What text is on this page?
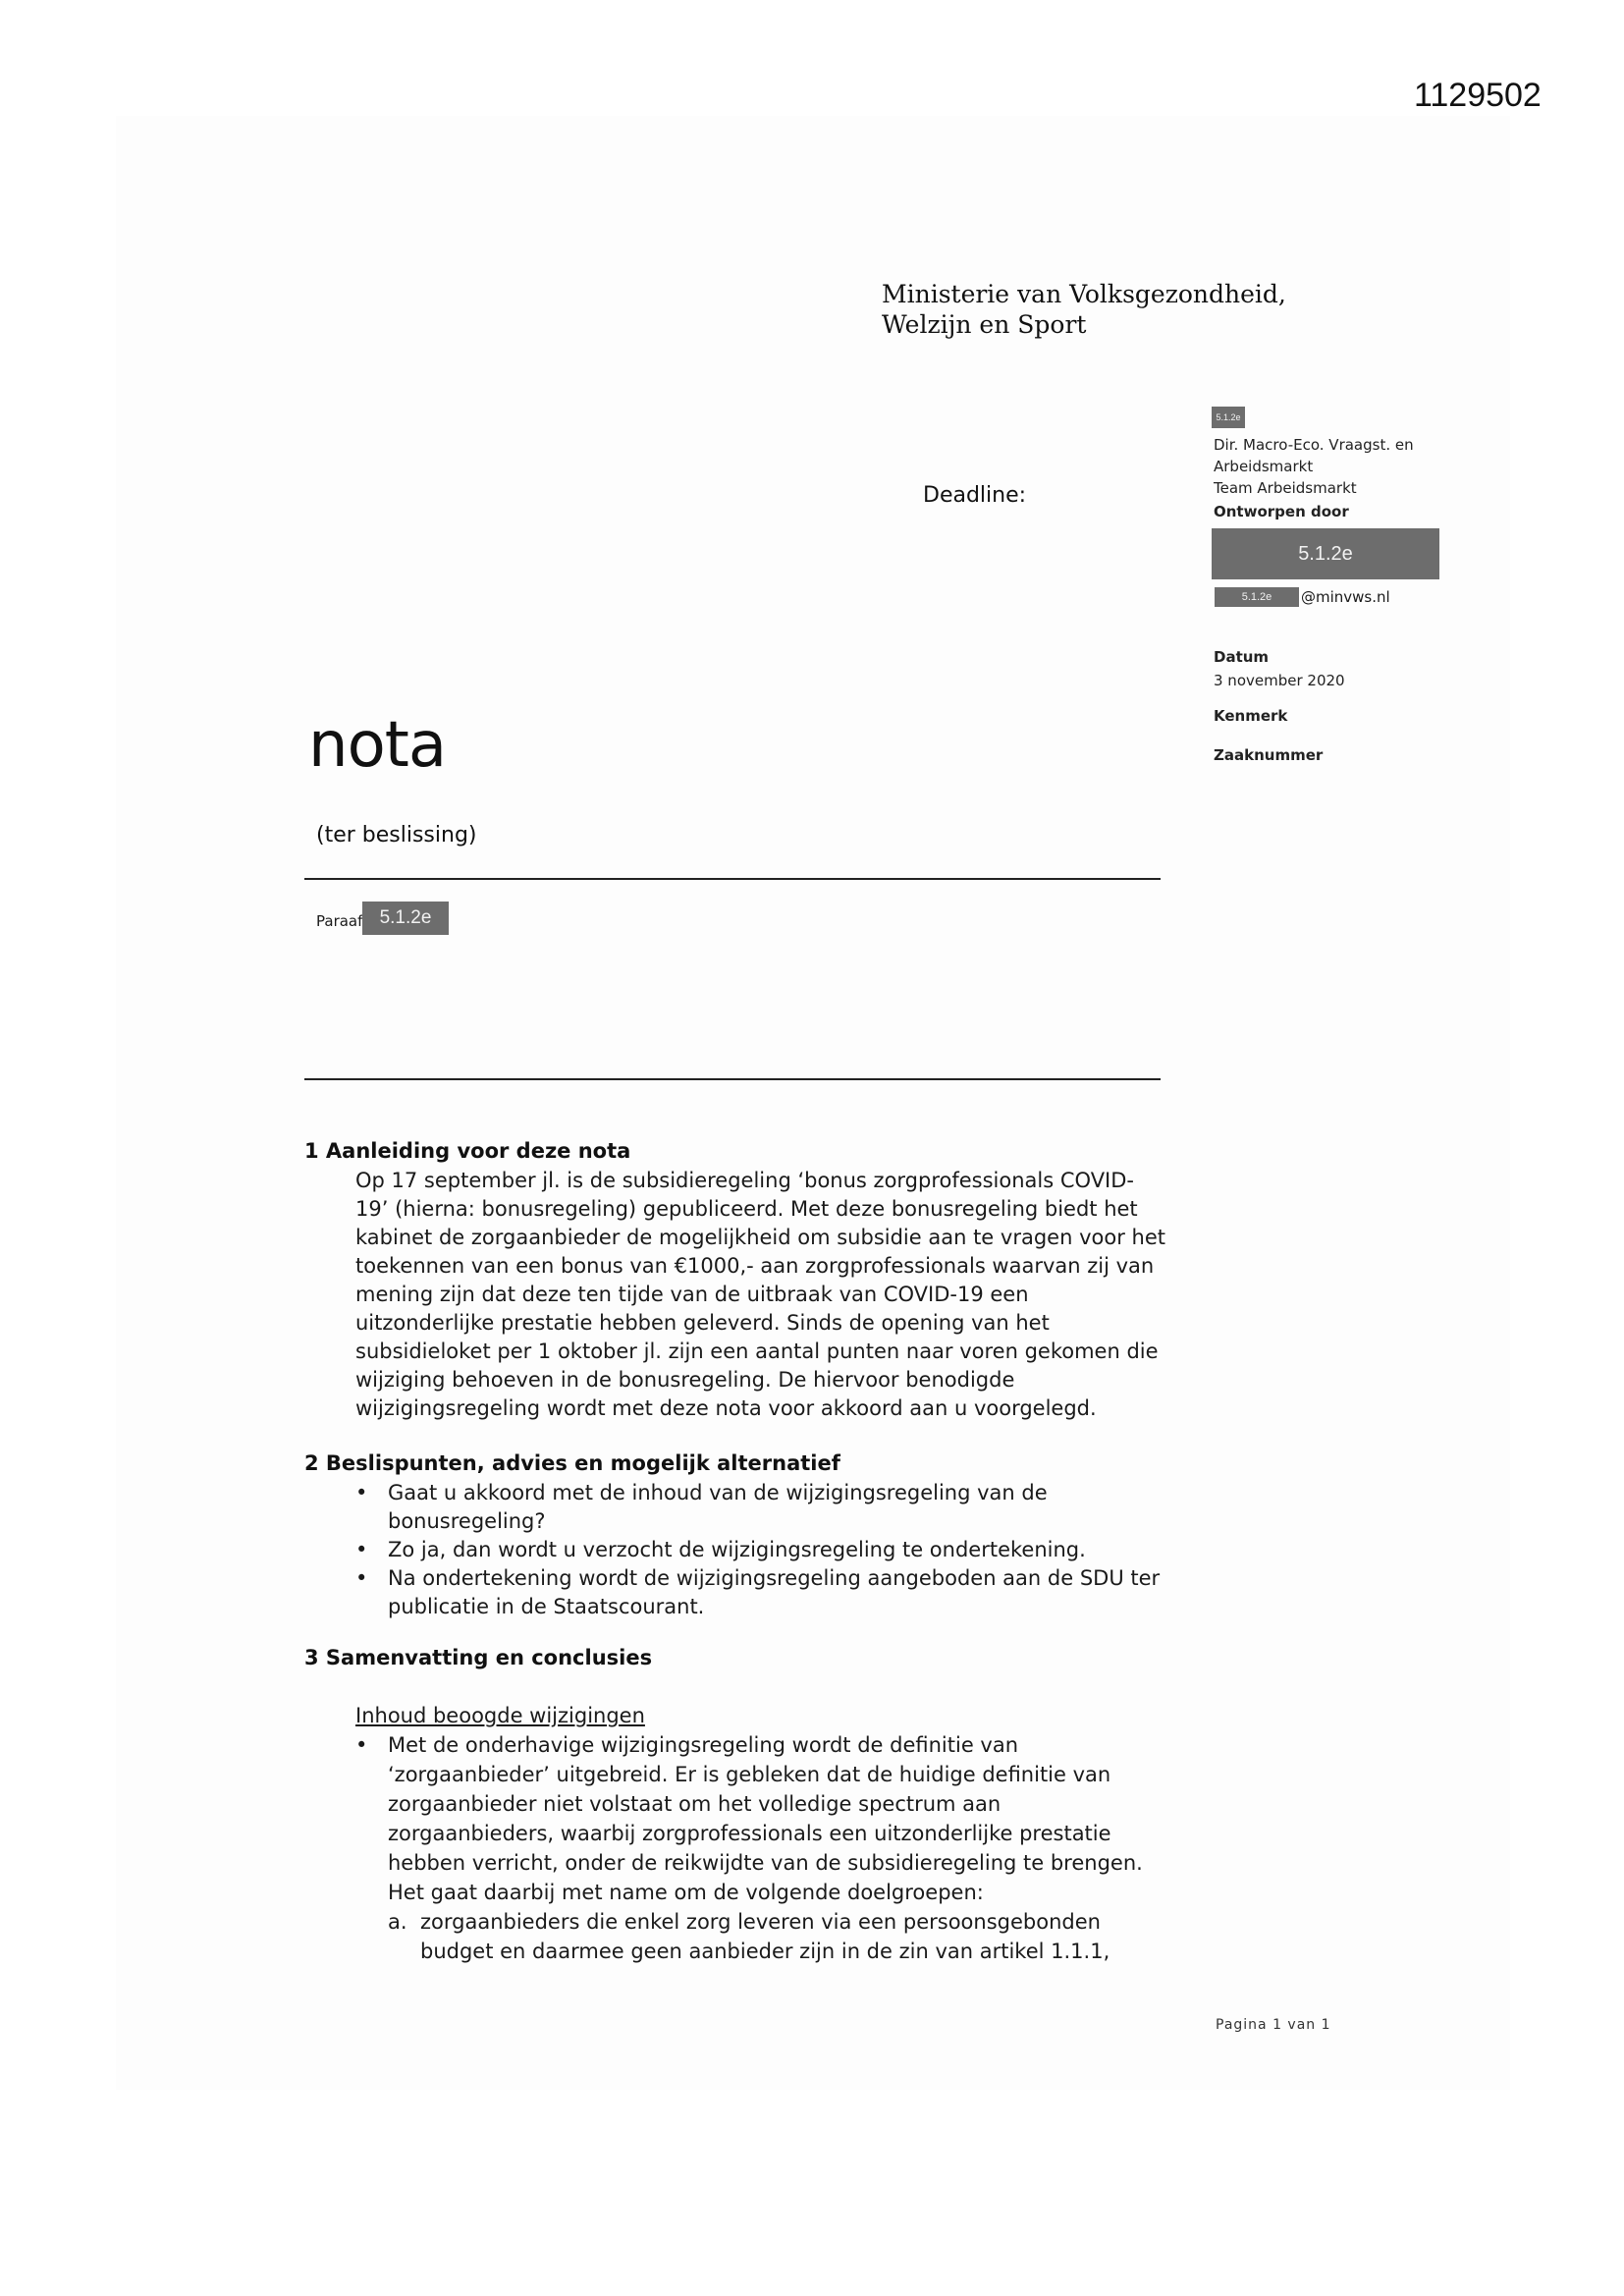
1129502
Ministerie van Volksgezondheid,
Welzijn en Sport
Deadline:
5.1.2e
Dir. Macro-Eco. Vraagst. en
Arbeidsmarkt
Team Arbeidsmarkt
Ontworpen door
5.1.2e
5.1.2e	@minvws.nl
Datum
3 november 2020
Kenmerk
Zaaknummer
nota
(ter beslissing)
Paraaf 5.1.2e
1 Aanleiding voor deze nota

Op 17 september jl. is de subsidieregeling ‘bonus zorgprofessionals COVID-

19’ (hierna: bonusregeling) gepubliceerd. Met deze bonusregeling biedt het

kabinet de zorgaanbieder de mogelijkheid om subsidie aan te vragen voor het

toekennen van een bonus van €1000,- aan zorgprofessionals waarvan zij van

mening zijn dat deze ten tijde van de uitbraak van COVID-19 een

uitzonderlijke prestatie hebben geleverd. Sinds de opening van het

subsidieloket per 1 oktober jl. zijn een aantal punten naar voren gekomen die

wijziging behoeven in de bonusregeling. De hiervoor benodigde

wijzigingsregeling wordt met deze nota voor akkoord aan u voorgelegd.

2 Beslispunten, advies en mogelijk alternatief
• Gaat u akkoord met de inhoud van de wijzigingsregeling van de
bonusregeling?
• Zo ja, dan wordt u verzocht de wijzigingsregeling te ondertekening.
• Na ondertekening wordt de wijzigingsregeling aangeboden aan de SDU ter
publicatie in de Staatscourant.
3 Samenvatting en conclusies

Inhoud beoogde wijzigingen

• Met de onderhavige wijzigingsregeling wordt de definitie van
‘zorgaanbieder’ uitgebreid. Er is gebleken dat de huidige definitie van
zorgaanbieder niet volstaat om het volledige spectrum aan
zorgaanbieders, waarbij zorgprofessionals een uitzonderlijke prestatie
hebben verricht, onder de reikwijdte van de subsidieregeling te brengen.
Het gaat daarbij met name om de volgende doelgroepen:
a. zorgaanbieders die enkel zorg leveren via een persoonsgebonden
budget en daarmee geen aanbieder zijn in de zin van artikel 1.1.1,
Pagina 1 van 1
